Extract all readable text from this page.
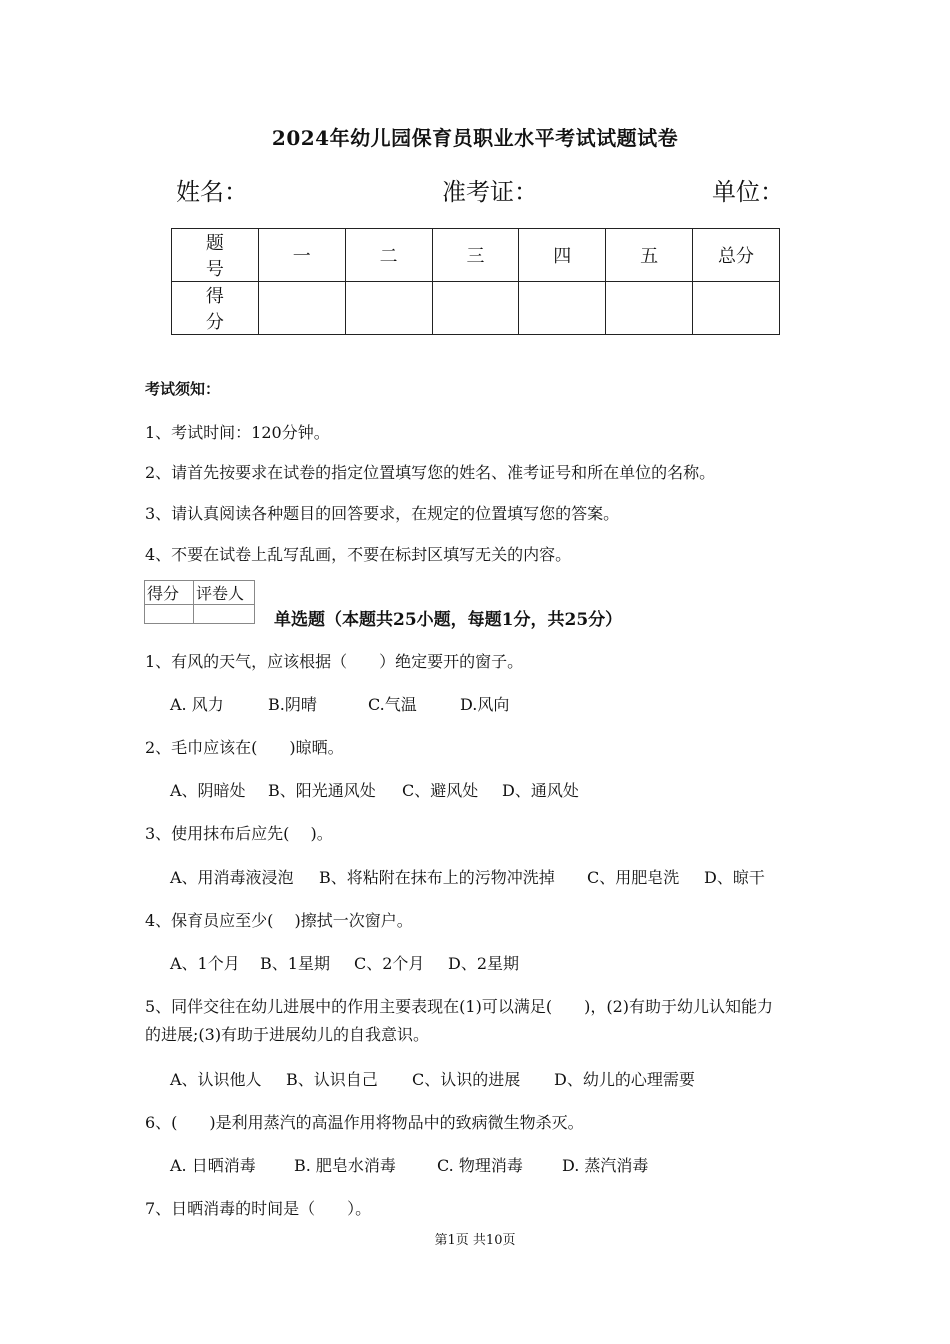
2024年幼儿园保育员职业水平考试试题试卷
姓名：	准考证：	单位：
题　号	一	二	三	四	五	总分
得　分						
考试须知：
1、考试时间：120分钟。
2、请首先按要求在试卷的指定位置填写您的姓名、准考证号和所在单位的名称。
3、请认真阅读各种题目的回答要求，在规定的位置填写您的答案。
4、不要在试卷上乱写乱画，不要在标封区填写无关的内容。
得分	评卷人

单选题（本题共25小题，每题1分，共25分）
1、有风的天气，应该根据（　　）绝定要开的窗子。
A. 风力	B.阴晴	C.气温	D.风向
2、毛巾应该在(　　)晾晒。
A、阴暗处 B、阳光通风处 C、避风处 D、通风处
3、使用抹布后应先(　 )。
A、用消毒液浸泡 B、将粘附在抹布上的污物冲洗掉 C、用肥皂洗 D、晾干
4、保育员应至少(　 )擦拭一次窗户。
A、1个月 B、1星期 C、2个月 D、2星期
5、同伴交往在幼儿进展中的作用主要表现在(1)可以满足(　　)，(2)有助于幼儿认知能力
的进展;(3)有助于进展幼儿的自我意识。
A、认识他人 B、认识自己 C、认识的进展 D、幼儿的心理需要
6、(　　)是利用蒸汽的高温作用将物品中的致病微生物杀灭。
A. 日晒消毒 B. 肥皂水消毒	C. 物理消毒 D. 蒸汽消毒
7、日晒消毒的时间是（　　）。
第1页 共10页
